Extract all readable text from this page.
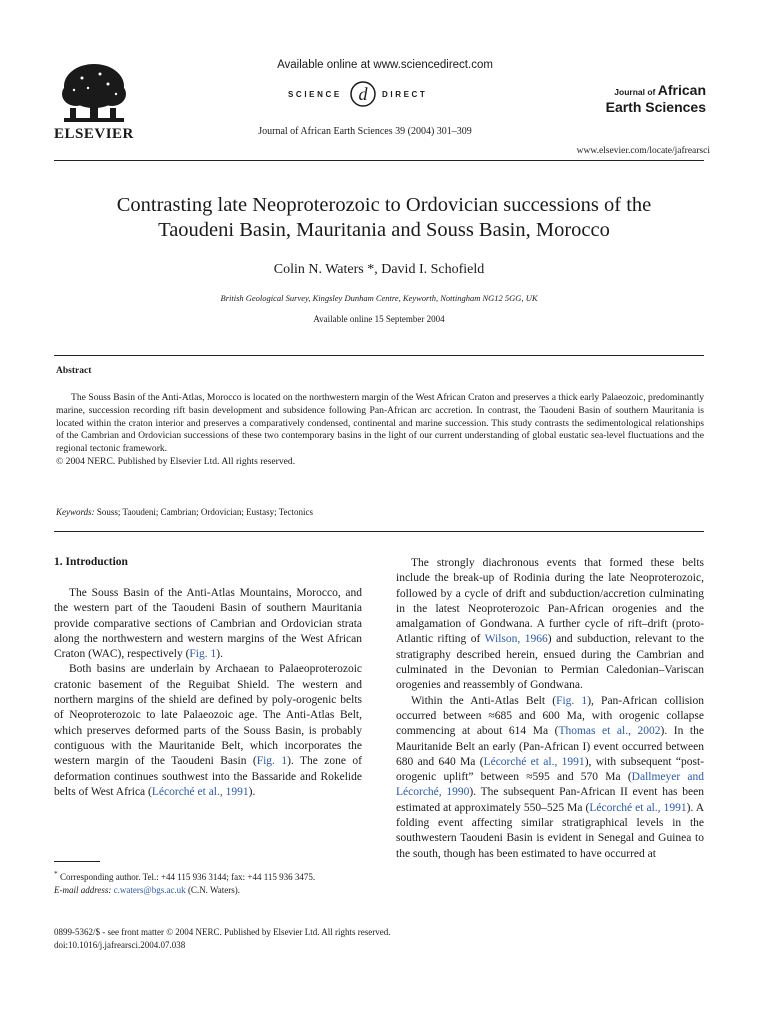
ELSEVIER
Available online at www.sciencedirect.com
SCIENCE d DIRECT
Journal of African Earth Sciences 39 (2004) 301–309
Journal of African
Earth Sciences
www.elsevier.com/locate/jafrearsci
Contrasting late Neoproterozoic to Ordovician successions of the
Taoudeni Basin, Mauritania and Souss Basin, Morocco
Colin N. Waters *, David I. Schofield
British Geological Survey, Kingsley Dunham Centre, Keyworth, Nottingham NG12 5GG, UK
Available online 15 September 2004
Abstract

The Souss Basin of the Anti-Atlas, Morocco is located on the northwestern margin of the West African Craton and preserves a thick early Palaeozoic, predominantly marine, succession recording rift basin development and subsidence following Pan-African arc accretion. In contrast, the Taoudeni Basin of southern Mauritania is located within the craton interior and preserves a comparatively condensed, continental and marine succession. This study contrasts the sedimentological relationships of the Cambrian and Ordovician successions of these two contemporary basins in the light of our current understanding of global eustatic sea-level fluctuations and the regional tectonic framework.

© 2004 NERC. Published by Elsevier Ltd. All rights reserved.

Keywords: Souss; Taoudeni; Cambrian; Ordovician; Eustasy; Tectonics
1. Introduction

The Souss Basin of the Anti-Atlas Mountains, Morocco, and the western part of the Taoudeni Basin of southern Mauritania provide comparative sections of Cambrian and Ordovician strata along the northwestern and western margins of the West African Craton (WAC), respectively (Fig. 1).

Both basins are underlain by Archaean to Palaeoproterozoic cratonic basement of the Reguibat Shield. The western and northern margins of the shield are defined by poly-orogenic belts of Neoproterozoic to late Palaeozoic age. The Anti-Atlas Belt, which preserves deformed parts of the Souss Basin, is probably contiguous with the Mauritanide Belt, which incorporates the western margin of the Taoudeni Basin (Fig. 1). The zone of deformation continues southwest into the Bassaride and Rokelide belts of West Africa (Lécorché et al., 1991).

* Corresponding author. Tel.: +44 115 936 3144; fax: +44 115 936 3475.

E-mail address: c.waters@bgs.ac.uk (C.N. Waters).

The strongly diachronous events that formed these belts include the break-up of Rodinia during the late Neoproterozoic, followed by a cycle of drift and subduction/accretion culminating in the latest Neoproterozoic Pan-African orogenies and the amalgamation of Gondwana. A further cycle of rift–drift (proto-Atlantic rifting of Wilson, 1966) and subduction, relevant to the stratigraphy described herein, ensued during the Cambrian and culminated in the Devonian to Permian Caledonian–Variscan orogenies and reassembly of Gondwana.

Within the Anti-Atlas Belt (Fig. 1), Pan-African collision occurred between ≈685 and 600 Ma, with orogenic collapse commencing at about 614 Ma (Thomas et al., 2002). In the Mauritanide Belt an early (Pan-African I) event occurred between 680 and 640 Ma (Lécorché et al., 1991), with subsequent “post-orogenic uplift” between ≈595 and 570 Ma (Dallmeyer and Lécorché, 1990). The subsequent Pan-African II event has been estimated at approximately 550–525 Ma (Lécorché et al., 1991). A folding event affecting similar stratigraphical levels in the southwestern Taoudeni Basin is evident in Senegal and Guinea to the south, though has been estimated to have occurred at

0899-5362/$ - see front matter © 2004 NERC. Published by Elsevier Ltd. All rights reserved.
doi:10.1016/j.jafrearsci.2004.07.038
